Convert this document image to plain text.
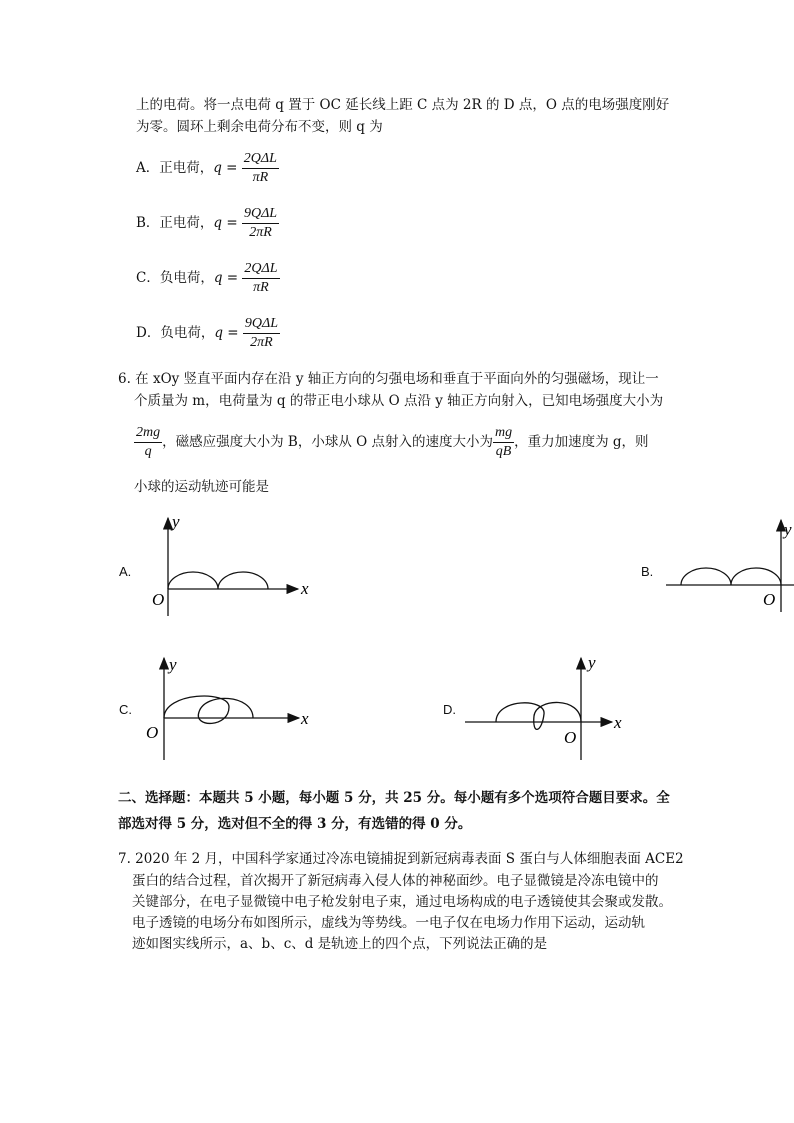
上的电荷。将一点电荷 q 置于 OC 延长线上距 C 点为 2R 的 D 点，O 点的电场强度刚好
为零。圆环上剩余电荷分布不变，则 q 为
A．正电荷，$q = \frac{\text{2QΔL}}{\pi R}$
B．正电荷，$q = \frac{\text{9QΔL}}{2\pi R}$
C．负电荷，$q = \frac{\text{2QΔL}}{\pi R}$
D．负电荷，$q = \frac{\text{9QΔL}}{2\pi R}$
6. 在 xOy 竖直平面内存在沿 y 轴正方向的匀强电场和垂直于平面向外的匀强磁场，现让一
个质量为 m，电荷量为 q 的带正电小球从 O 点沿 y 轴正方向射入，已知电场强度大小为
$\frac{2mg}{q}$ ，磁感应强度大小为 B，小球从 O 点射入的速度大小为 $\frac{mg}{qB}$ ，重力加速度为 g，则
小球的运动轨迹可能是
A.	B.
C.	D.
y
x
O
y
O
y
x
O
y
x
O
二、选择题：本题共 5 小题，每小题 5 分，共 25 分。每小题有多个选项符合题目要求。全
部选对得 5 分，选对但不全的得 3 分，有选错的得 0 分。
7. 2020 年 2 月，中国科学家通过冷冻电镜捕捉到新冠病毒表面 S 蛋白与人体细胞表面 ACE2
蛋白的结合过程，首次揭开了新冠病毒入侵人体的神秘面纱。电子显微镜是冷冻电镜中的
关键部分，在电子显微镜中电子枪发射电子束，通过电场构成的电子透镜使其会聚或发散。
电子透镜的电场分布如图所示，虚线为等势线。一电子仅在电场力作用下运动，运动轨
迹如图实线所示，a、b、c、d 是轨迹上的四个点，下列说法正确的是
